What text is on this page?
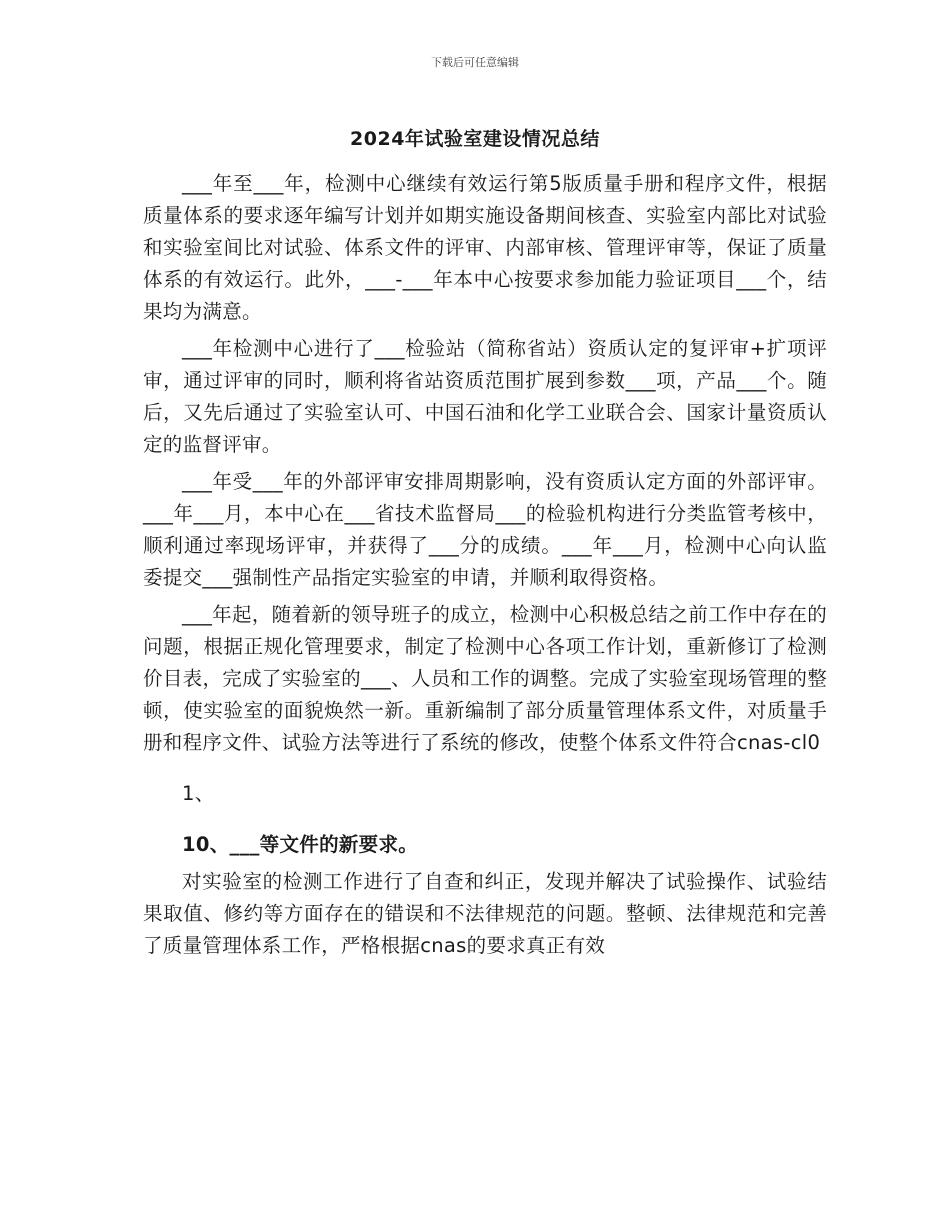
下载后可任意编辑
2024年试验室建设情况总结

___年至___年，检测中心继续有效运行第5版质量手册和程序文件，根据质量体系的要求逐年编写计划并如期实施设备期间核查、实验室内部比对试验和实验室间比对试验、体系文件的评审、内部审核、管理评审等，保证了质量体系的有效运行。此外，___-___年本中心按要求参加能力验证项目___个，结果均为满意。

___年检测中心进行了___检验站（简称省站）资质认定的复评审+扩项评审，通过评审的同时，顺利将省站资质范围扩展到参数___项，产品___个。随后，又先后通过了实验室认可、中国石油和化学工业联合会、国家计量资质认定的监督评审。

___年受___年的外部评审安排周期影响，没有资质认定方面的外部评审。___年___月，本中心在___省技术监督局___的检验机构进行分类监管考核中，顺利通过率现场评审，并获得了___分的成绩。___年___月，检测中心向认监委提交___强制性产品指定实验室的申请，并顺利取得资格。

___年起，随着新的领导班子的成立，检测中心积极总结之前工作中存在的问题，根据正规化管理要求，制定了检测中心各项工作计划，重新修订了检测价目表，完成了实验室的___、人员和工作的调整。完成了实验室现场管理的整顿，使实验室的面貌焕然一新。重新编制了部分质量管理体系文件，对质量手册和程序文件、试验方法等进行了系统的修改，使整个体系文件符合cnas-cl0

1、

10、___等文件的新要求。

对实验室的检测工作进行了自查和纠正，发现并解决了试验操作、试验结果取值、修约等方面存在的错误和不法律规范的问题。整顿、法律规范和完善了质量管理体系工作，严格根据cnas的要求真正有效
